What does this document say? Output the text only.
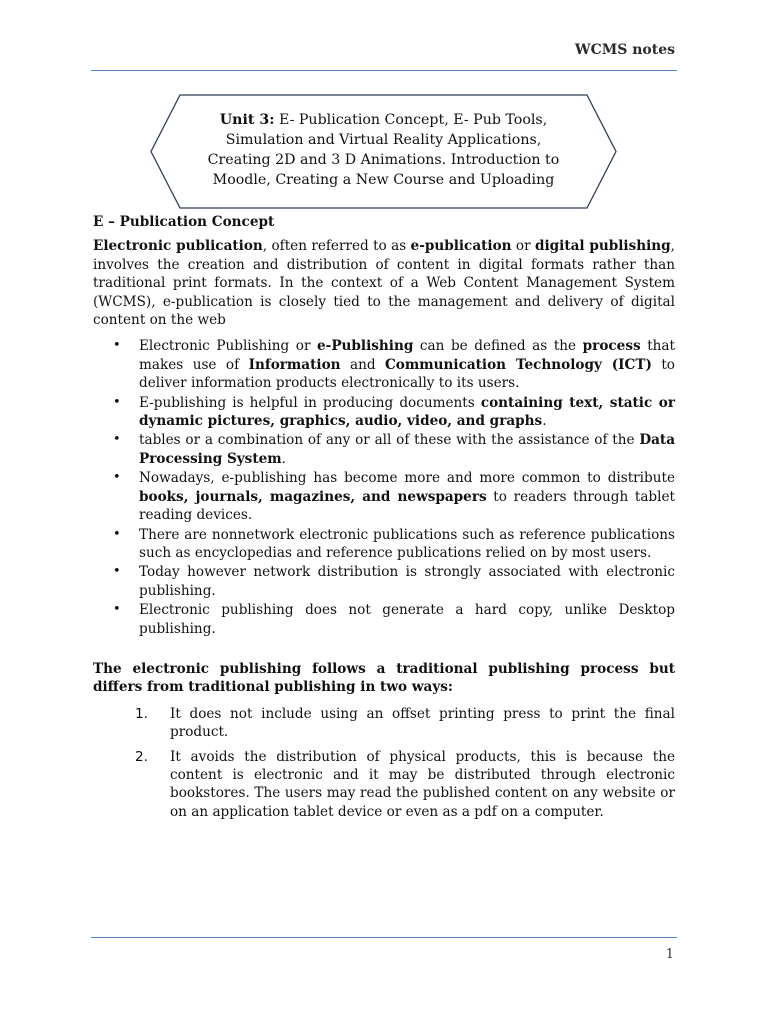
WCMS notes
Unit 3: E- Publication Concept, E- Pub Tools, Simulation and Virtual Reality Applications, Creating 2D and 3 D Animations. Introduction to Moodle, Creating a New Course and Uploading

E – Publication Concept

Electronic publication, often referred to as e-publication or digital publishing, involves the creation and distribution of content in digital formats rather than traditional print formats. In the context of a Web Content Management System (WCMS), e-publication is closely tied to the management and delivery of digital content on the web

• Electronic Publishing or e-Publishing can be defined as the process that makes use of Information and Communication Technology (ICT) to deliver information products electronically to its users.
• E-publishing is helpful in producing documents containing text, static or dynamic pictures, graphics, audio, video, and graphs.
• tables or a combination of any or all of these with the assistance of the Data Processing System.
• Nowadays, e-publishing has become more and more common to distribute books, journals, magazines, and newspapers to readers through tablet reading devices.
• There are nonnetwork electronic publications such as reference publications such as encyclopedias and reference publications relied on by most users.
• Today however network distribution is strongly associated with electronic publishing.
• Electronic publishing does not generate a hard copy, unlike Desktop publishing.

The electronic publishing follows a traditional publishing process but differs from traditional publishing in two ways:

1. It does not include using an offset printing press to print the final product.
2. It avoids the distribution of physical products, this is because the content is electronic and it may be distributed through electronic bookstores. The users may read the published content on any website or on an application tablet device or even as a pdf on a computer.
1
